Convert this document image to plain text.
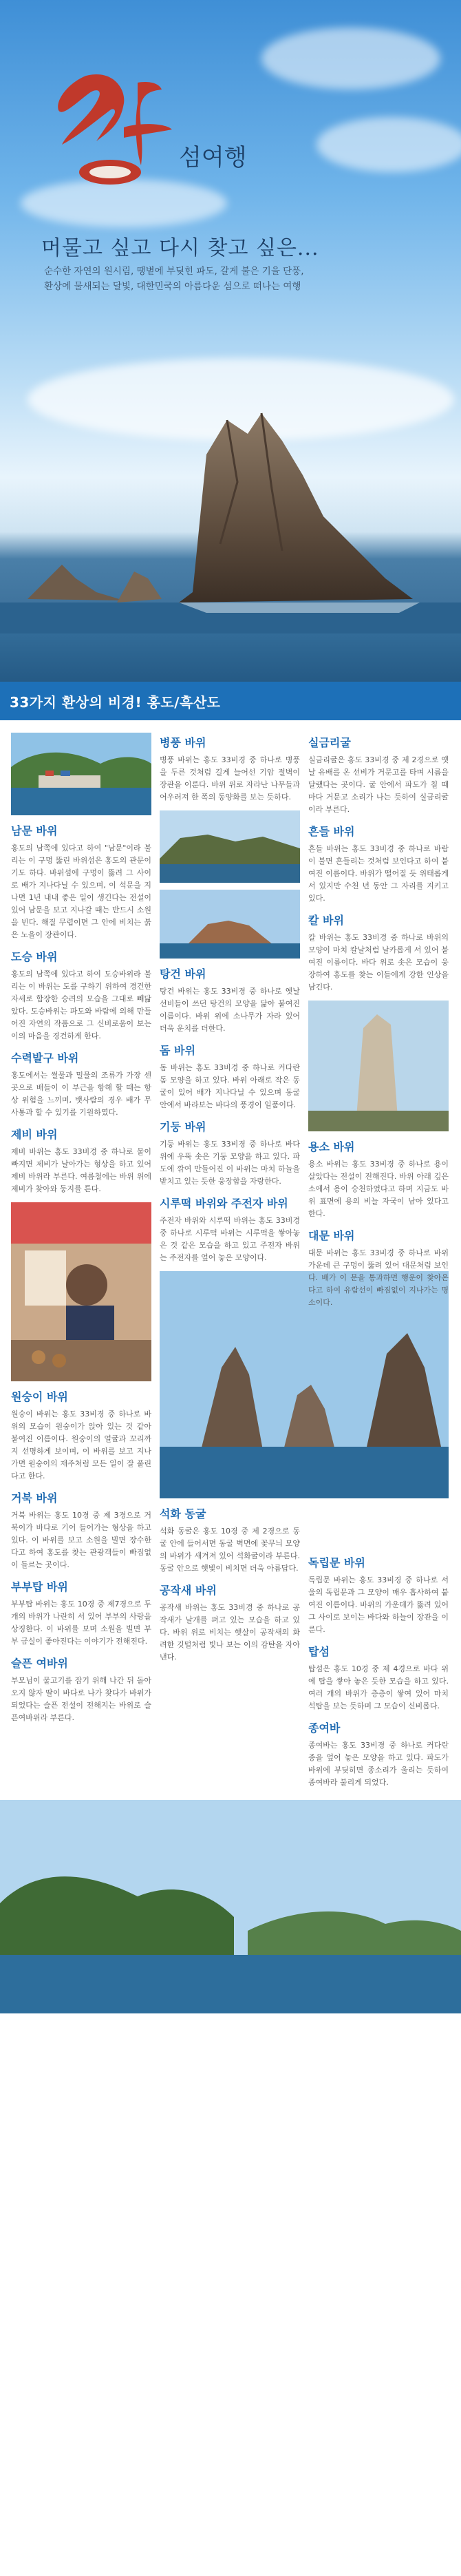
섬여행
머물고 싶고 다시 찾고 싶은...
순수한 자연의 원시림, 땡볕에 부딪힌 파도, 갈게 불은 기을 단풍,
환상에 물새되는 달빛, 대한민국의 아름다운 섬으로 떠나는 여행
33가지 환상의 비경! 홍도/흑산도
남문 바위

홍도의 남쪽에 있다고 하여 "남문"이라 불리는 이 구멍 뚫린 바위섬은 홍도의 관문이기도 하다. 바위섬에 구멍이 뚫려 그 사이로 배가 지나다닐 수 있으며, 이 석문을 지나면 1년 내내 좋은 일이 생긴다는 전설이 있어 남문을 보고 지나갈 때는 반드시 소원을 빈다. 해질 무렵이면 그 안에 비치는 붉은 노을이 장관이다.

도승 바위

홍도의 남쪽에 있다고 하여 도승바위라 불리는 이 바위는 도를 구하기 위하여 경건한 자세로 합장한 승려의 모습을 그대로 빼닮았다. 도승바위는 파도와 바람에 의해 만들어진 자연의 작품으로 그 신비로움이 보는 이의 마음을 경건하게 한다.

수력발구 바위

홍도에서는 썰물과 밀물의 조류가 가장 센곳으로 배들이 이 부근을 항해 할 때는 항상 위험을 느끼며, 뱃사람의 경우 배가 무사통과 할 수 있기를 기원하였다.

제비 바위

제비 바위는 홍도 33비경 중 하나로 물이 빠지면 제비가 날아가는 형상을 하고 있어 제비 바위라 부른다. 여름철에는 바위 위에 제비가 찾아와 둥지를 튼다.

원숭이 바위

원숭이 바위는 홍도 33비경 중 하나로 바위의 모습이 원숭이가 앉아 있는 것 같아 붙여진 이름이다. 원숭이의 얼굴과 꼬리까지 선명하게 보이며, 이 바위를 보고 지나가면 원숭이의 재주처럼 모든 일이 잘 풀린다고 한다.

거북 바위

거북 바위는 홍도 10경 중 제 3경으로 거북이가 바다로 기어 들어가는 형상을 하고 있다. 이 바위를 보고 소원을 빌면 장수한다고 하여 홍도를 찾는 관광객들이 빠짐없이 들르는 곳이다.

부부탑 바위

부부탑 바위는 홍도 10경 중 제7경으로 두 개의 바위가 나란히 서 있어 부부의 사랑을 상징한다. 이 바위를 보며 소원을 빌면 부부 금실이 좋아진다는 이야기가 전해진다.

슬픈 여바위

부모님이 물고기를 잡기 위해 나간 뒤 돌아오지 않자 딸이 바다로 나가 찾다가 바위가 되었다는 슬픈 전설이 전해지는 바위로 슬픈여바위라 부른다.

병풍 바위

병풍 바위는 홍도 33비경 중 하나로 병풍을 두른 것처럼 길게 늘어선 기암 절벽이 장관을 이룬다. 바위 위로 자라난 나무들과 어우러져 한 폭의 동양화를 보는 듯하다.

탕건 바위

탕건 바위는 홍도 33비경 중 하나로 옛날 선비들이 쓰던 탕건의 모양을 닮아 붙여진 이름이다. 바위 위에 소나무가 자라 있어 더욱 운치를 더한다.

돔 바위

돔 바위는 홍도 33비경 중 하나로 커다란 돔 모양을 하고 있다. 바위 아래로 작은 동굴이 있어 배가 지나다닐 수 있으며 동굴 안에서 바라보는 바다의 풍경이 일품이다.

기둥 바위

기둥 바위는 홍도 33비경 중 하나로 바다 위에 우뚝 솟은 기둥 모양을 하고 있다. 파도에 깎여 만들어진 이 바위는 마치 하늘을 받치고 있는 듯한 웅장함을 자랑한다.

시루떡 바위와 주전자 바위

주전자 바위와 시루떡 바위는 홍도 33비경 중 하나로 시루떡 바위는 시루떡을 쌓아놓은 것 같은 모습을 하고 있고 주전자 바위는 주전자를 엎어 놓은 모양이다.

석화 동굴

석화 동굴은 홍도 10경 중 제 2경으로 동굴 안에 들어서면 동굴 벽면에 꽃무늬 모양의 바위가 새겨져 있어 석화굴이라 부른다. 동굴 안으로 햇빛이 비치면 더욱 아름답다.

공작새 바위

공작새 바위는 홍도 33비경 중 하나로 공작새가 날개를 펴고 있는 모습을 하고 있다. 바위 위로 비치는 햇살이 공작새의 화려한 깃털처럼 빛나 보는 이의 감탄을 자아낸다.

실금리굴

실금리굴은 홍도 33비경 중 제 2경으로 옛날 유배를 온 선비가 거문고를 타며 시름을 달랬다는 곳이다. 굴 안에서 파도가 칠 때마다 거문고 소리가 나는 듯하여 실금리굴이라 부른다.

흔들 바위

흔들 바위는 홍도 33비경 중 하나로 바람이 불면 흔들리는 것처럼 보인다고 하여 붙여진 이름이다. 바위가 떨어질 듯 위태롭게 서 있지만 수천 년 동안 그 자리를 지키고 있다.

칼 바위

칼 바위는 홍도 33비경 중 하나로 바위의 모양이 마치 칼날처럼 날카롭게 서 있어 붙여진 이름이다. 바다 위로 솟은 모습이 웅장하여 홍도를 찾는 이들에게 강한 인상을 남긴다.

용소 바위

용소 바위는 홍도 33비경 중 하나로 용이 살았다는 전설이 전해진다. 바위 아래 깊은 소에서 용이 승천하였다고 하며 지금도 바위 표면에 용의 비늘 자국이 남아 있다고 한다.

대문 바위

대문 바위는 홍도 33비경 중 하나로 바위 가운데 큰 구멍이 뚫려 있어 대문처럼 보인다. 배가 이 문을 통과하면 행운이 찾아온다고 하여 유람선이 빠짐없이 지나가는 명소이다.

독립문 바위

독립문 바위는 홍도 33비경 중 하나로 서울의 독립문과 그 모양이 매우 흡사하여 붙여진 이름이다. 바위의 가운데가 뚫려 있어 그 사이로 보이는 바다와 하늘이 장관을 이룬다.

탑섬

탑섬은 홍도 10경 중 제 4경으로 바다 위에 탑을 쌓아 놓은 듯한 모습을 하고 있다. 여러 개의 바위가 층층이 쌓여 있어 마치 석탑을 보는 듯하며 그 모습이 신비롭다.

종여바

종여바는 홍도 33비경 중 하나로 커다란 종을 엎어 놓은 모양을 하고 있다. 파도가 바위에 부딪히면 종소리가 울리는 듯하여 종여바라 불리게 되었다.
